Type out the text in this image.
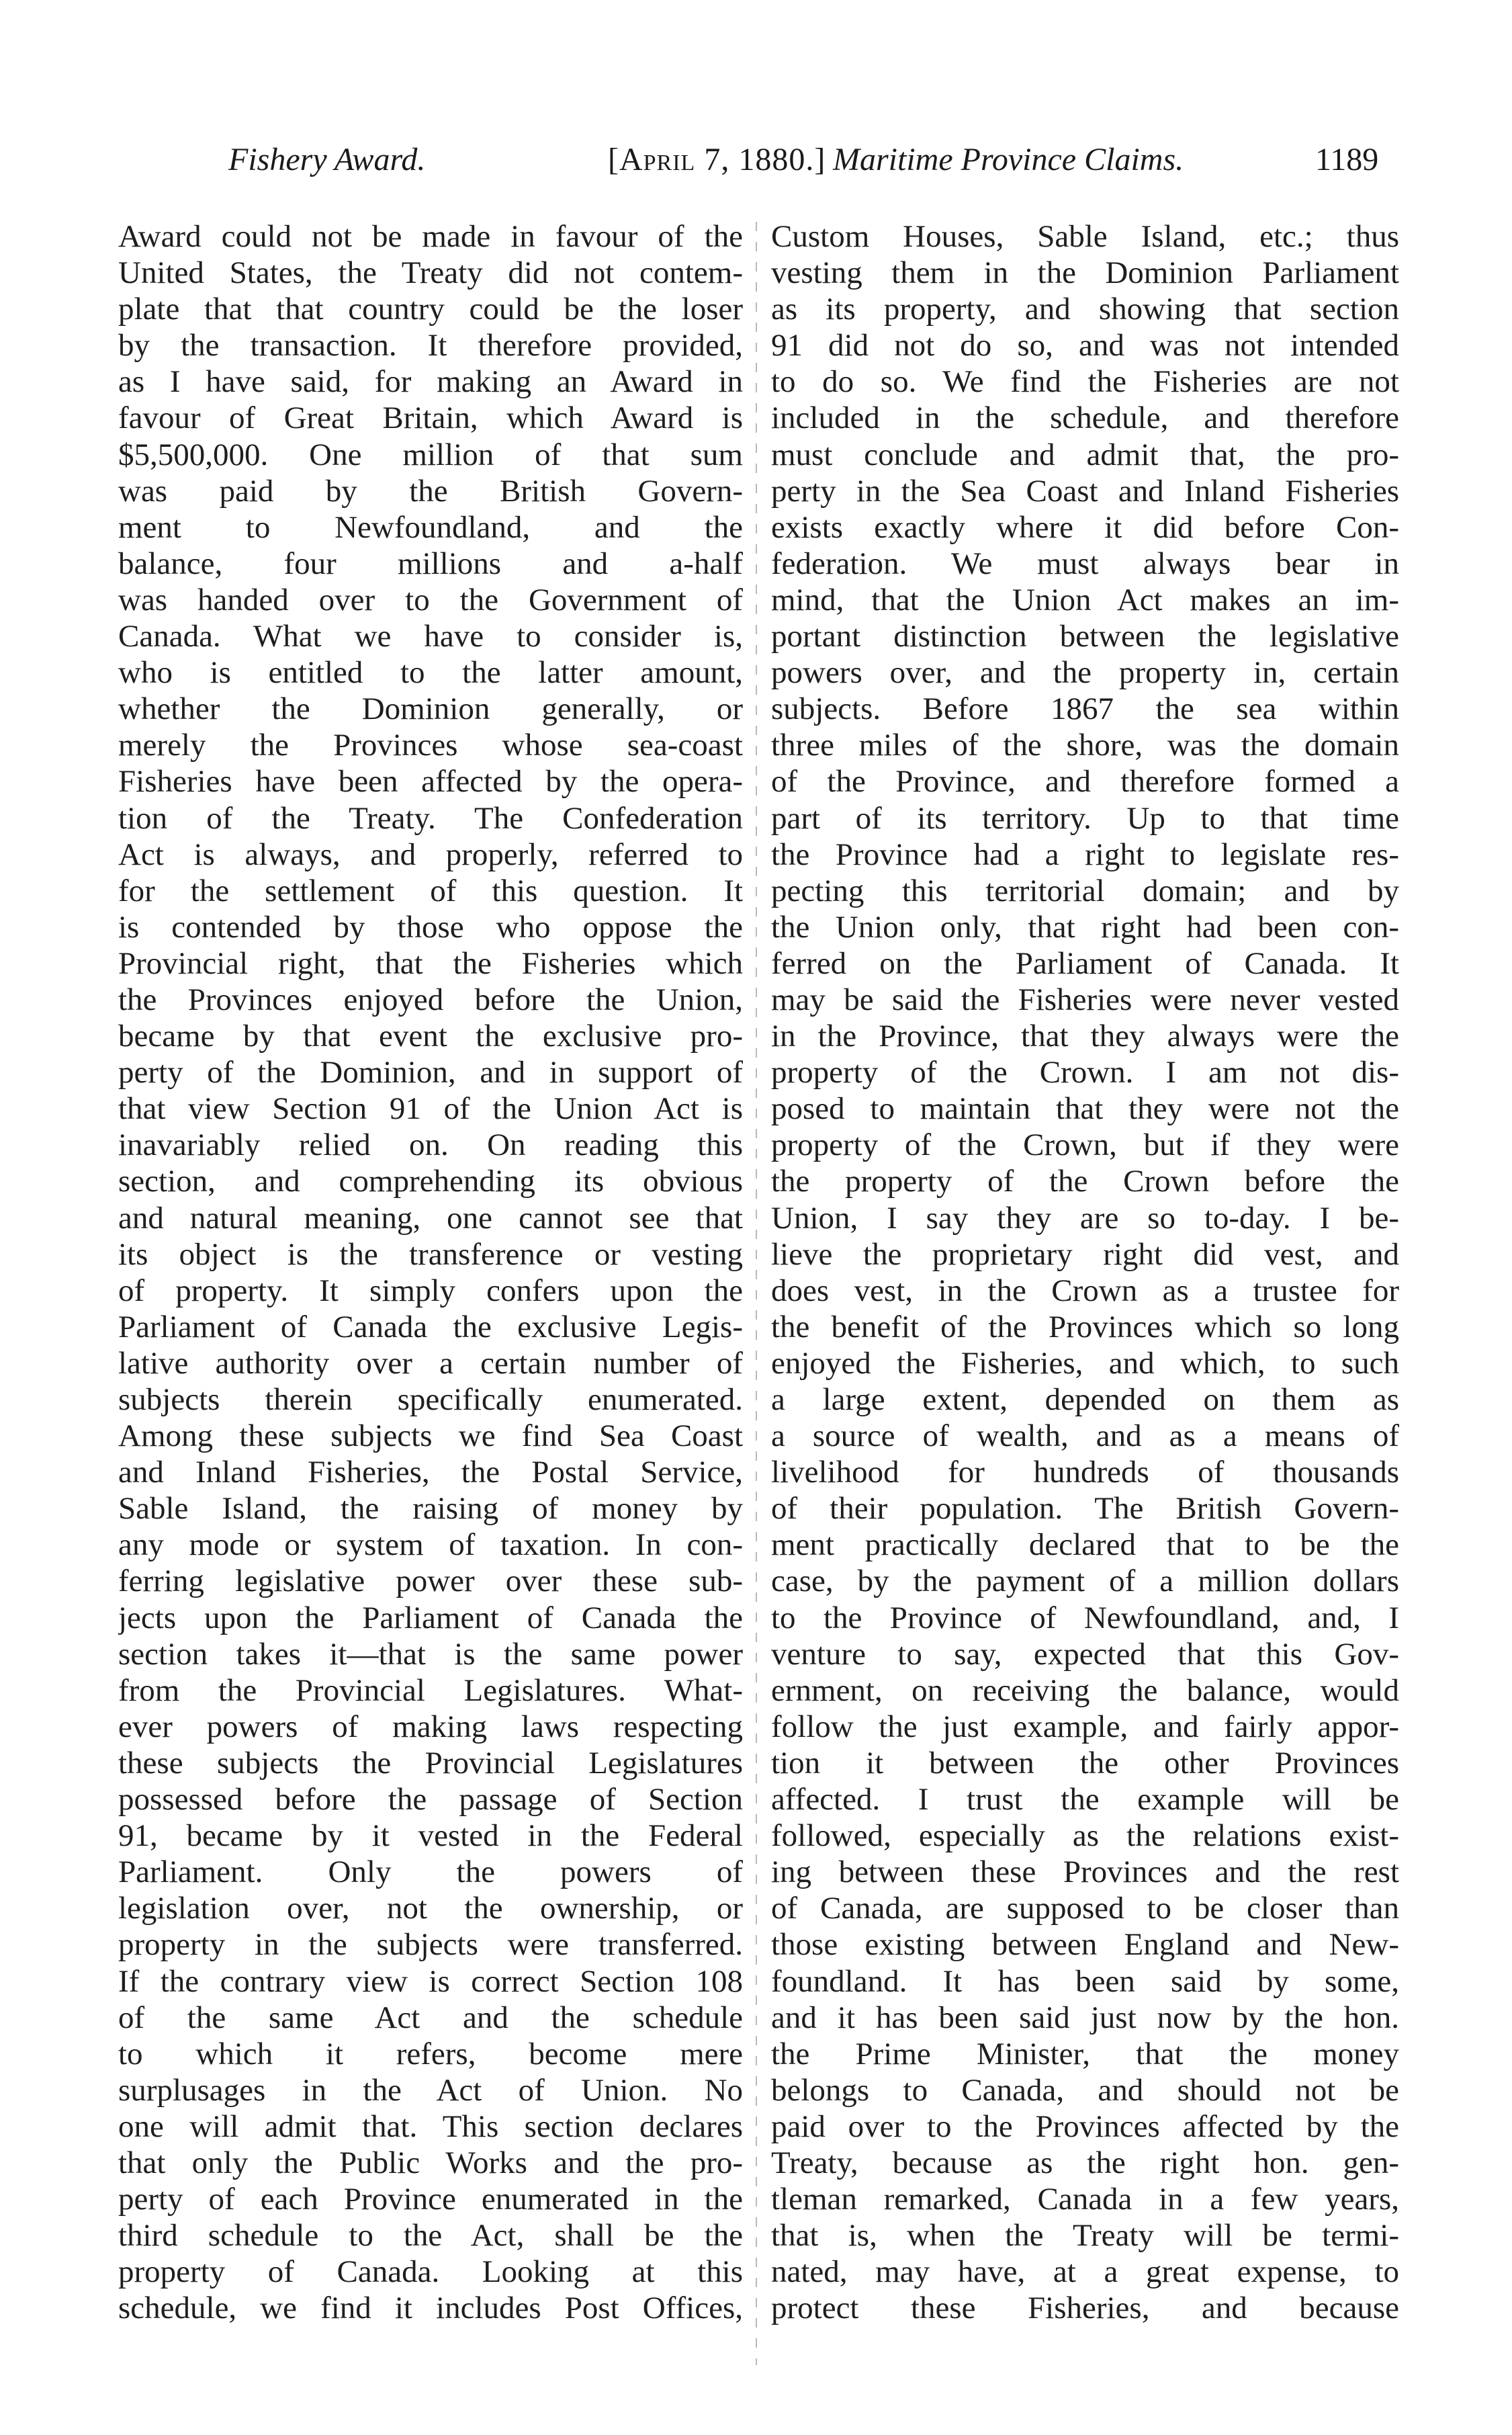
Fishery Award.	[April 7, 1880.] Maritime Province Claims.	1189
Award could not be made in favour of the
United States, the Treaty did not contem-
plate that that country could be the loser
by the transaction. It therefore provided,
as I have said, for making an Award in
favour of Great Britain, which Award is
$5,500,000. One million of that sum
was paid by the British Govern-
ment to Newfoundland, and the
balance, four millions and a-half
was handed over to the Government of
Canada. What we have to consider is,
who is entitled to the latter amount,
whether the Dominion generally, or
merely the Provinces whose sea-coast
Fisheries have been affected by the opera-
tion of the Treaty. The Confederation
Act is always, and properly, referred to
for the settlement of this question. It
is contended by those who oppose the
Provincial right, that the Fisheries which
the Provinces enjoyed before the Union,
became by that event the exclusive pro-
perty of the Dominion, and in support of
that view Section 91 of the Union Act is
inavariably relied on. On reading this
section, and comprehending its obvious
and natural meaning, one cannot see that
its object is the transference or vesting
of property. It simply confers upon the
Parliament of Canada the exclusive Legis-
lative authority over a certain number of
subjects therein specifically enumerated.
Among these subjects we find Sea Coast
and Inland Fisheries, the Postal Service,
Sable Island, the raising of money by
any mode or system of taxation. In con-
ferring legislative power over these sub-
jects upon the Parliament of Canada the
section takes it—that is the same power
from the Provincial Legislatures. What-
ever powers of making laws respecting
these subjects the Provincial Legislatures
possessed before the passage of Section
91, became by it vested in the Federal
Parliament. Only the powers of
legislation over, not the ownership, or
property in the subjects were transferred.
If the contrary view is correct Section 108
of the same Act and the schedule
to which it refers, become mere
surplusages in the Act of Union. No
one will admit that. This section declares
that only the Public Works and the pro-
perty of each Province enumerated in the
third schedule to the Act, shall be the
property of Canada. Looking at this
schedule, we find it includes Post Offices,
Custom Houses, Sable Island, etc.; thus
vesting them in the Dominion Parliament
as its property, and showing that section
91 did not do so, and was not intended
to do so. We find the Fisheries are not
included in the schedule, and therefore
must conclude and admit that, the pro-
perty in the Sea Coast and Inland Fisheries
exists exactly where it did before Con-
federation. We must always bear in
mind, that the Union Act makes an im-
portant distinction between the legislative
powers over, and the property in, certain
subjects. Before 1867 the sea within
three miles of the shore, was the domain
of the Province, and therefore formed a
part of its territory. Up to that time
the Province had a right to legislate res-
pecting this territorial domain; and by
the Union only, that right had been con-
ferred on the Parliament of Canada. It
may be said the Fisheries were never vested
in the Province, that they always were the
property of the Crown. I am not dis-
posed to maintain that they were not the
property of the Crown, but if they were
the property of the Crown before the
Union, I say they are so to-day. I be-
lieve the proprietary right did vest, and
does vest, in the Crown as a trustee for
the benefit of the Provinces which so long
enjoyed the Fisheries, and which, to such
a large extent, depended on them as
a source of wealth, and as a means of
livelihood for hundreds of thousands
of their population. The British Govern-
ment practically declared that to be the
case, by the payment of a million dollars
to the Province of Newfoundland, and, I
venture to say, expected that this Gov-
ernment, on receiving the balance, would
follow the just example, and fairly appor-
tion it between the other Provinces
affected. I trust the example will be
followed, especially as the relations exist-
ing between these Provinces and the rest
of Canada, are supposed to be closer than
those existing between England and New-
foundland. It has been said by some,
and it has been said just now by the hon.
the Prime Minister, that the money
belongs to Canada, and should not be
paid over to the Provinces affected by the
Treaty, because as the right hon. gen-
tleman remarked, Canada in a few years,
that is, when the Treaty will be termi-
nated, may have, at a great expense, to
protect these Fisheries, and because
